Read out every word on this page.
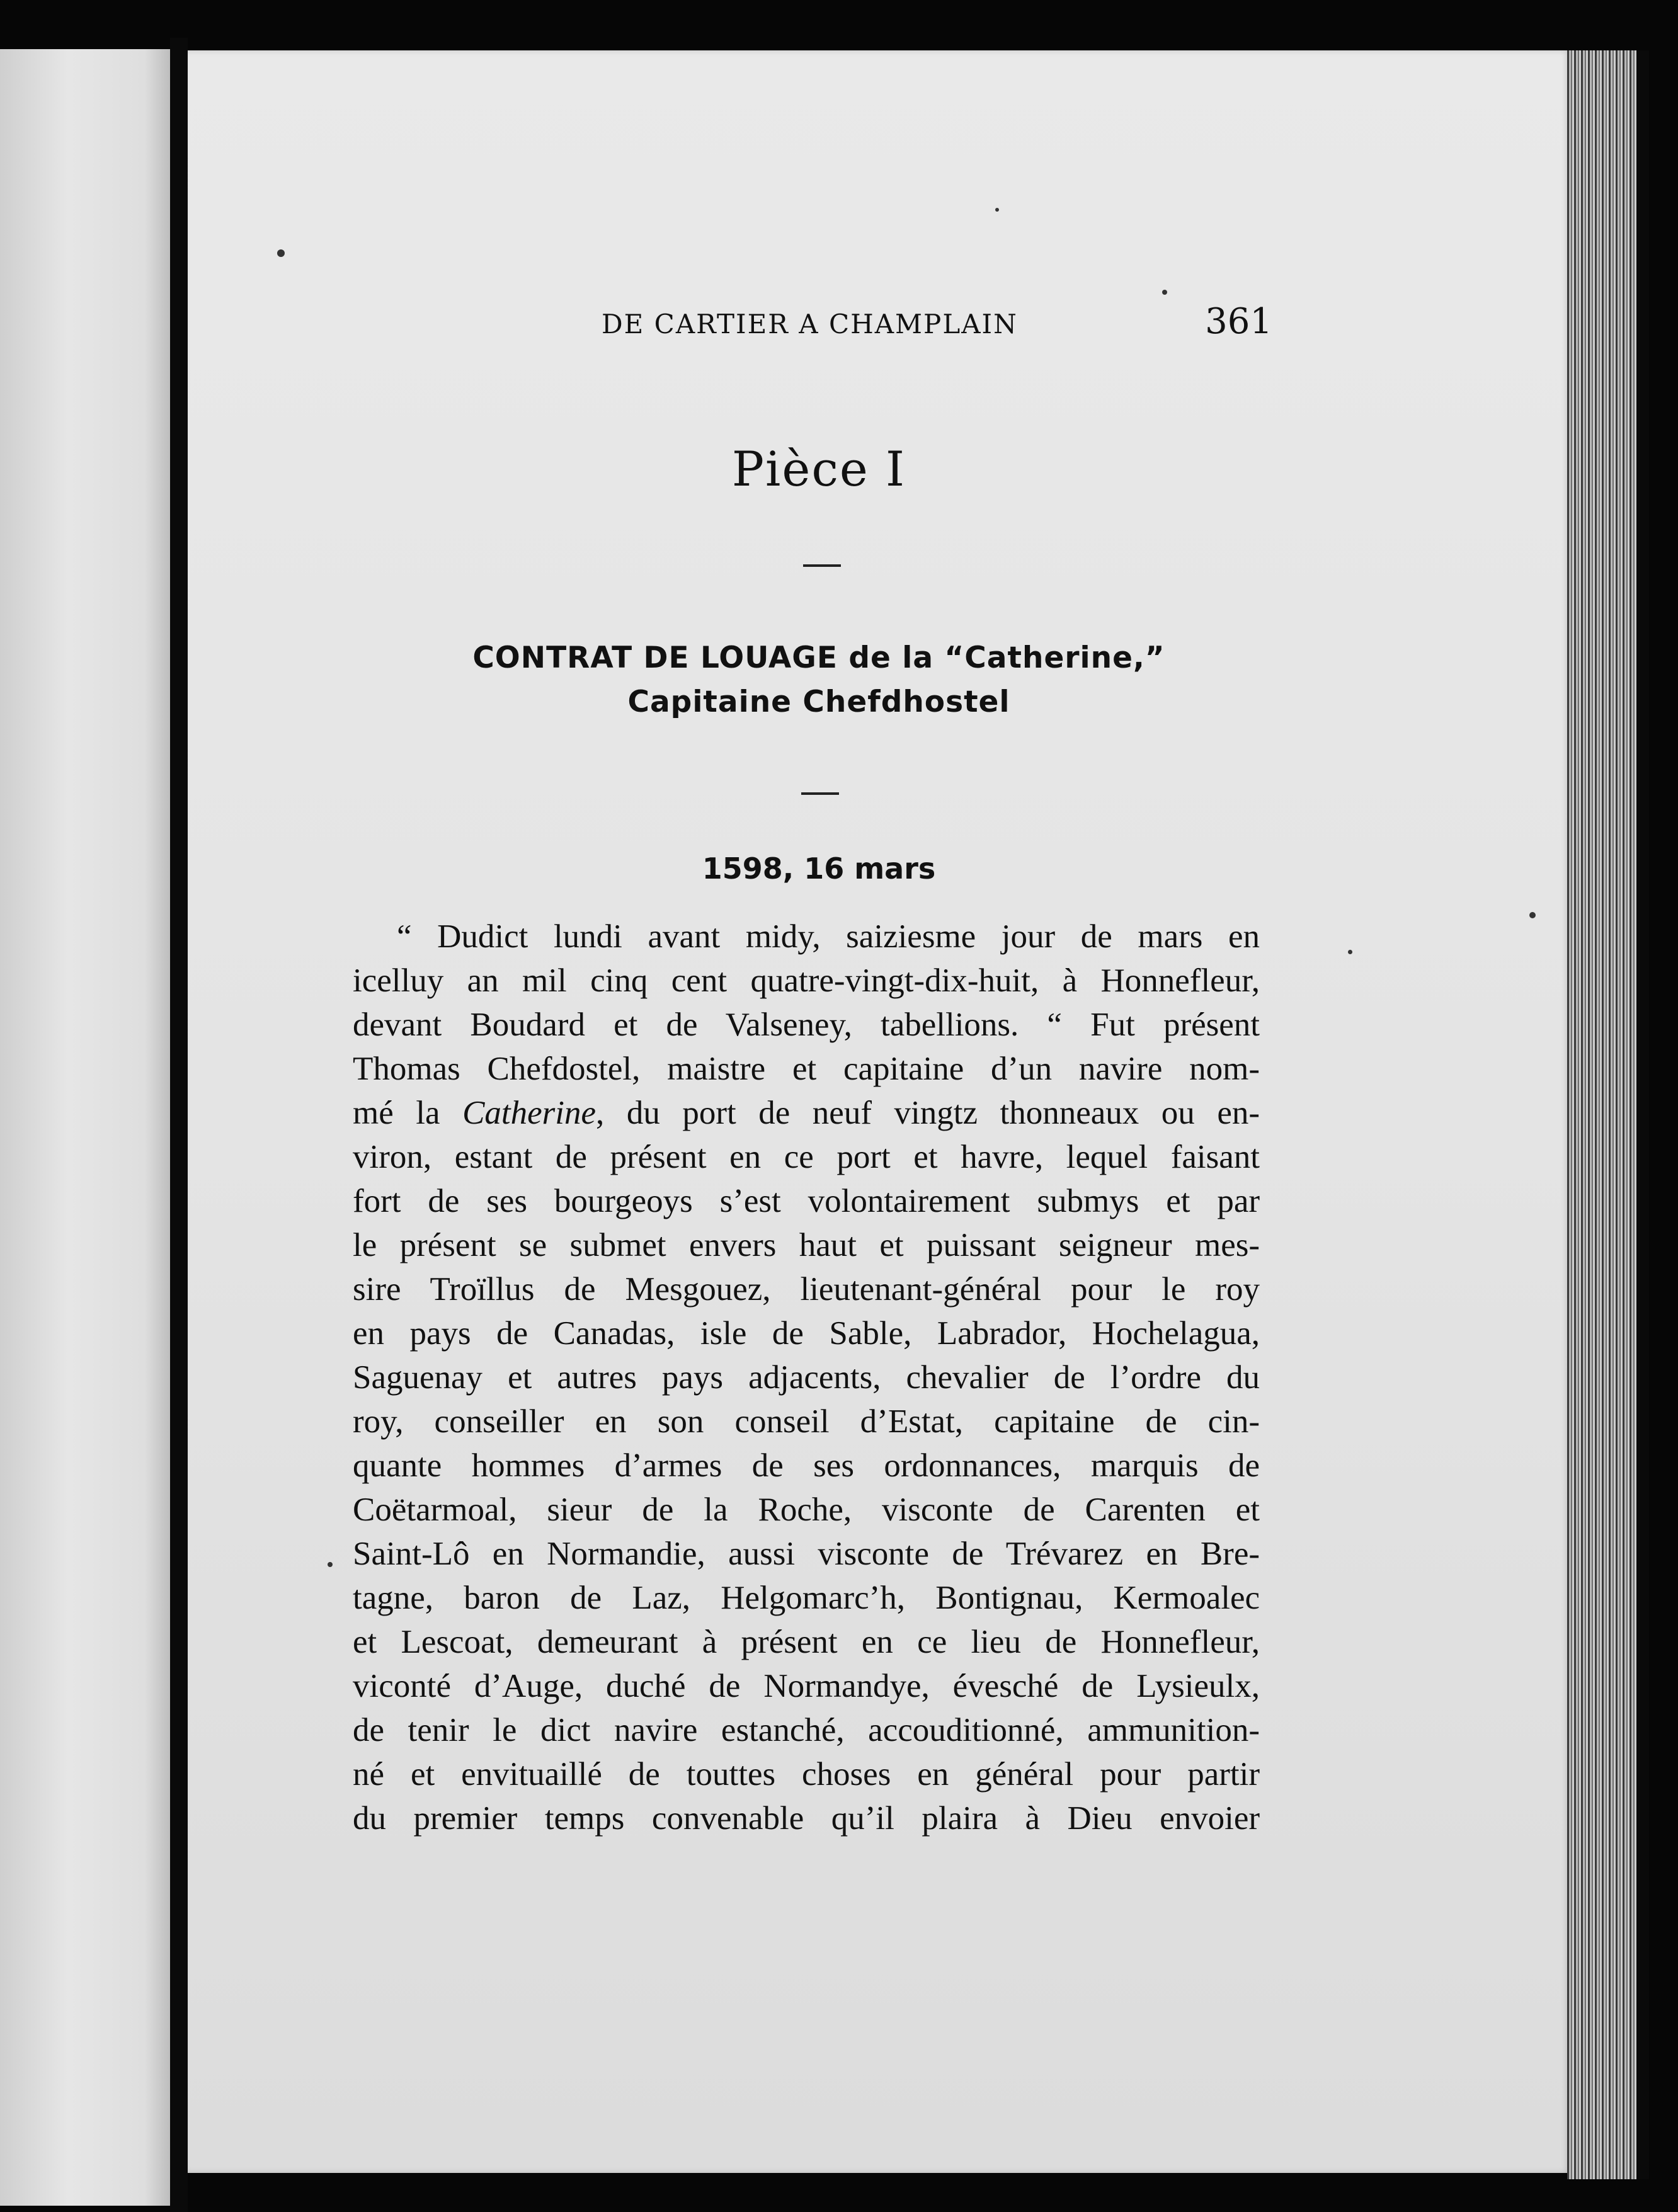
DE CARTIER A CHAMPLAIN	361
Pièce I
CONTRAT DE LOUAGE de la “Catherine,”
Capitaine Chefdhostel
1598, 16 mars
“ Dudict lundi avant midy, saiziesme jour de mars en
icelluy an mil cinq cent quatre-vingt-dix-huit, à Honnefleur,
devant Boudard et de Valseney, tabellions. “ Fut présent
Thomas Chefdostel, maistre et capitaine d’un navire nom-
mé la Catherine, du port de neuf vingtz thonneaux ou en-
viron, estant de présent en ce port et havre, lequel faisant
fort de ses bourgeoys s’est volontairement submys et par
le présent se submet envers haut et puissant seigneur mes-
sire Troïllus de Mesgouez, lieutenant-général pour le roy
en pays de Canadas, isle de Sable, Labrador, Hochelagua,
Saguenay et autres pays adjacents, chevalier de l’ordre du
roy, conseiller en son conseil d’Estat, capitaine de cin-
quante hommes d’armes de ses ordonnances, marquis de
Coëtarmoal, sieur de la Roche, visconte de Carenten et
Saint-Lô en Normandie, aussi visconte de Trévarez en Bre-
tagne, baron de Laz, Helgomarc’h, Bontignau, Kermoalec
et Lescoat, demeurant à présent en ce lieu de Honnefleur,
viconté d’Auge, duché de Normandye, évesché de Lysieulx,
de tenir le dict navire estanché, accouditionné, ammunition-
né et envituaillé de touttes choses en général pour partir
du premier temps convenable qu’il plaira à Dieu envoier
